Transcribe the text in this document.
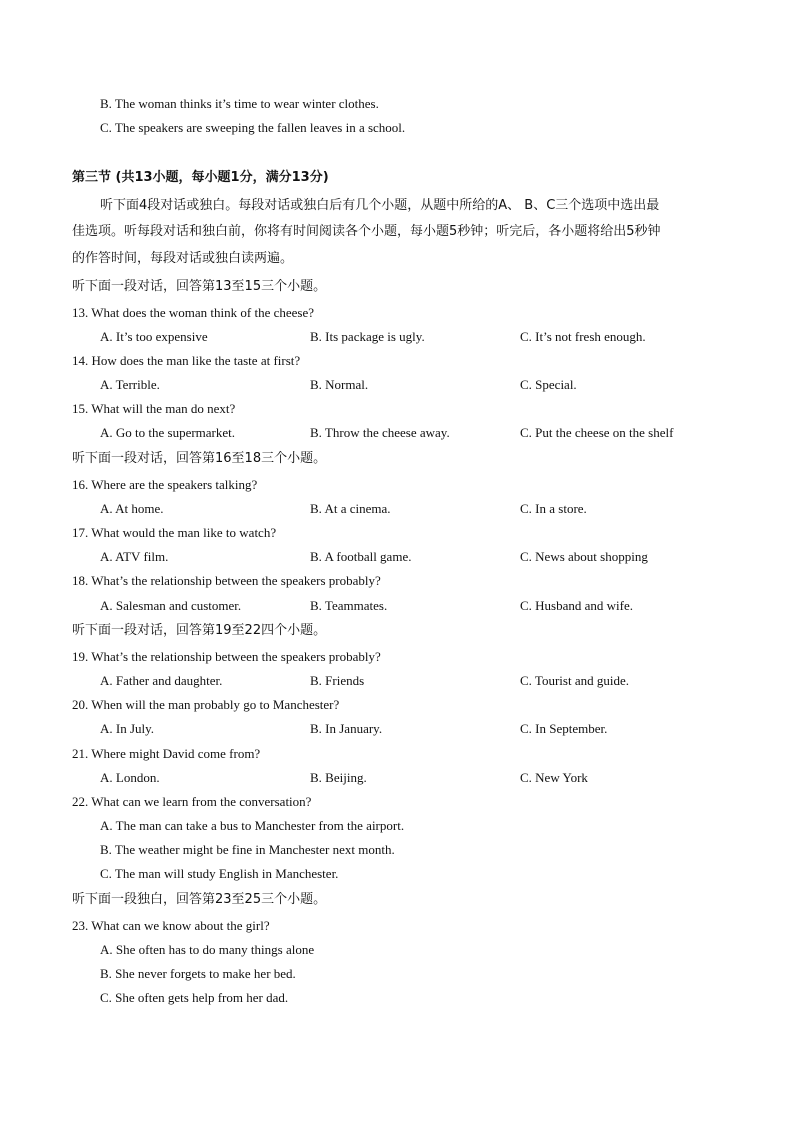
B. The woman thinks it’s time to wear winter clothes.
C. The speakers are sweeping the fallen leaves in a school.
第三节 (共13小题，每小题1分，满分13分)
听下面4段对话或独白。每段对话或独白后有几个小题，从题中所给的A、 B、C三个选项中选出最
佳选项。听每段对话和独白前，你将有时间阅读各个小题，每小题5秒钟；听完后，各小题将给出5秒钟
的作答时间，每段对话或独白读两遍。
听下面一段对话，回答第13至15三个小题。
13. What does the woman think of the cheese?
A. It’s too expensive	B. Its package is ugly.	C. It’s not fresh enough.
14. How does the man like the taste at first?
A. Terrible.	B. Normal.	C. Special.
15. What will the man do next?
A. Go to the supermarket.	B. Throw the cheese away.	C. Put the cheese on the shelf
听下面一段对话，回答第16至18三个小题。
16. Where are the speakers talking?
A. At home.	B. At a cinema.	C. In a store.
17. What would the man like to watch?
A. ATV film.	B. A football game.	C. News about shopping
18. What’s the relationship between the speakers probably?
A. Salesman and customer.	B. Teammates.	C. Husband and wife.
听下面一段对话，回答第19至22四个小题。
19. What’s the relationship between the speakers probably?
A. Father and daughter.	B. Friends	C. Tourist and guide.
20. When will the man probably go to Manchester?
A. In July.	B. In January.	C. In September.
21. Where might David come from?
A. London.	B. Beijing.	C. New York
22. What can we learn from the conversation?
A. The man can take a bus to Manchester from the airport.
B. The weather might be fine in Manchester next month.
C. The man will study English in Manchester.
听下面一段独白，回答第23至25三个小题。
23. What can we know about the girl?
A. She often has to do many things alone
B. She never forgets to make her bed.
C. She often gets help from her dad.
